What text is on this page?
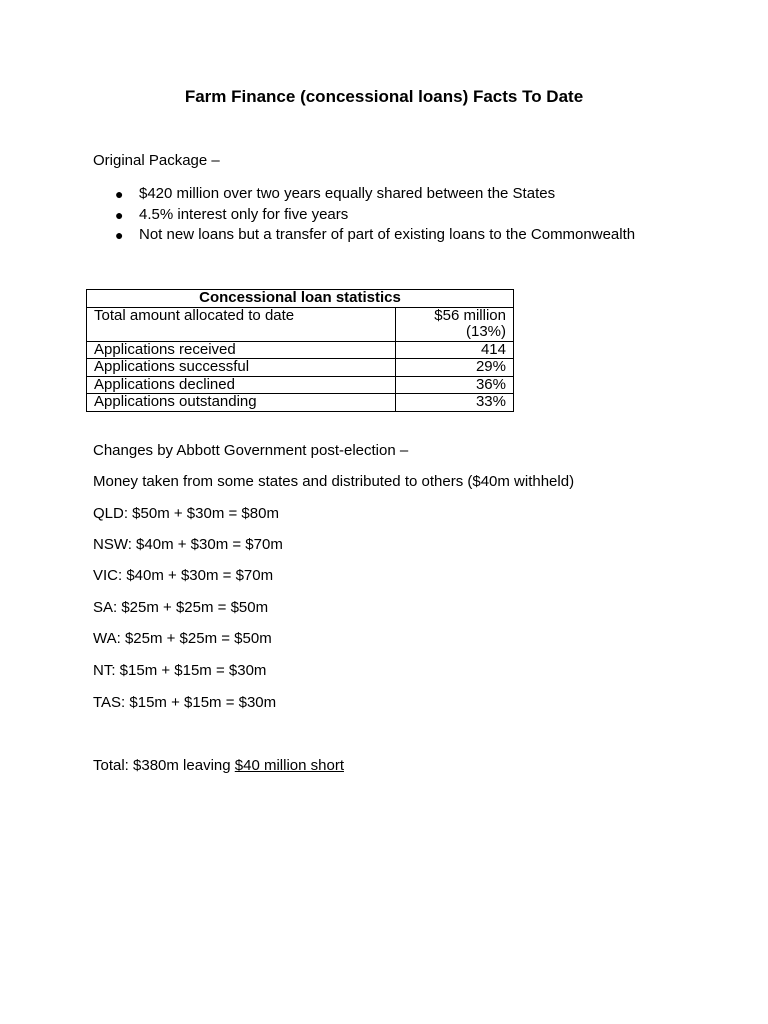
Farm Finance (concessional loans) Facts To Date
Original Package –
● $420 million over two years equally shared between the States
● 4.5% interest only for five years
● Not new loans but a transfer of part of existing loans to the Commonwealth
Concessional loan statistics	
Total amount allocated to date	$56 million
(13%)

Applications received	414
Applications successful	29%
Applications declined	36%
Applications outstanding	33%
Changes by Abbott Government post-election –
Money taken from some states and distributed to others ($40m withheld)
QLD: $50m + $30m = $80m
NSW: $40m + $30m = $70m
VIC: $40m + $30m = $70m
SA: $25m + $25m = $50m
WA: $25m + $25m = $50m
NT: $15m + $15m = $30m
TAS: $15m + $15m = $30m
Total: $380m leaving $40 million short
